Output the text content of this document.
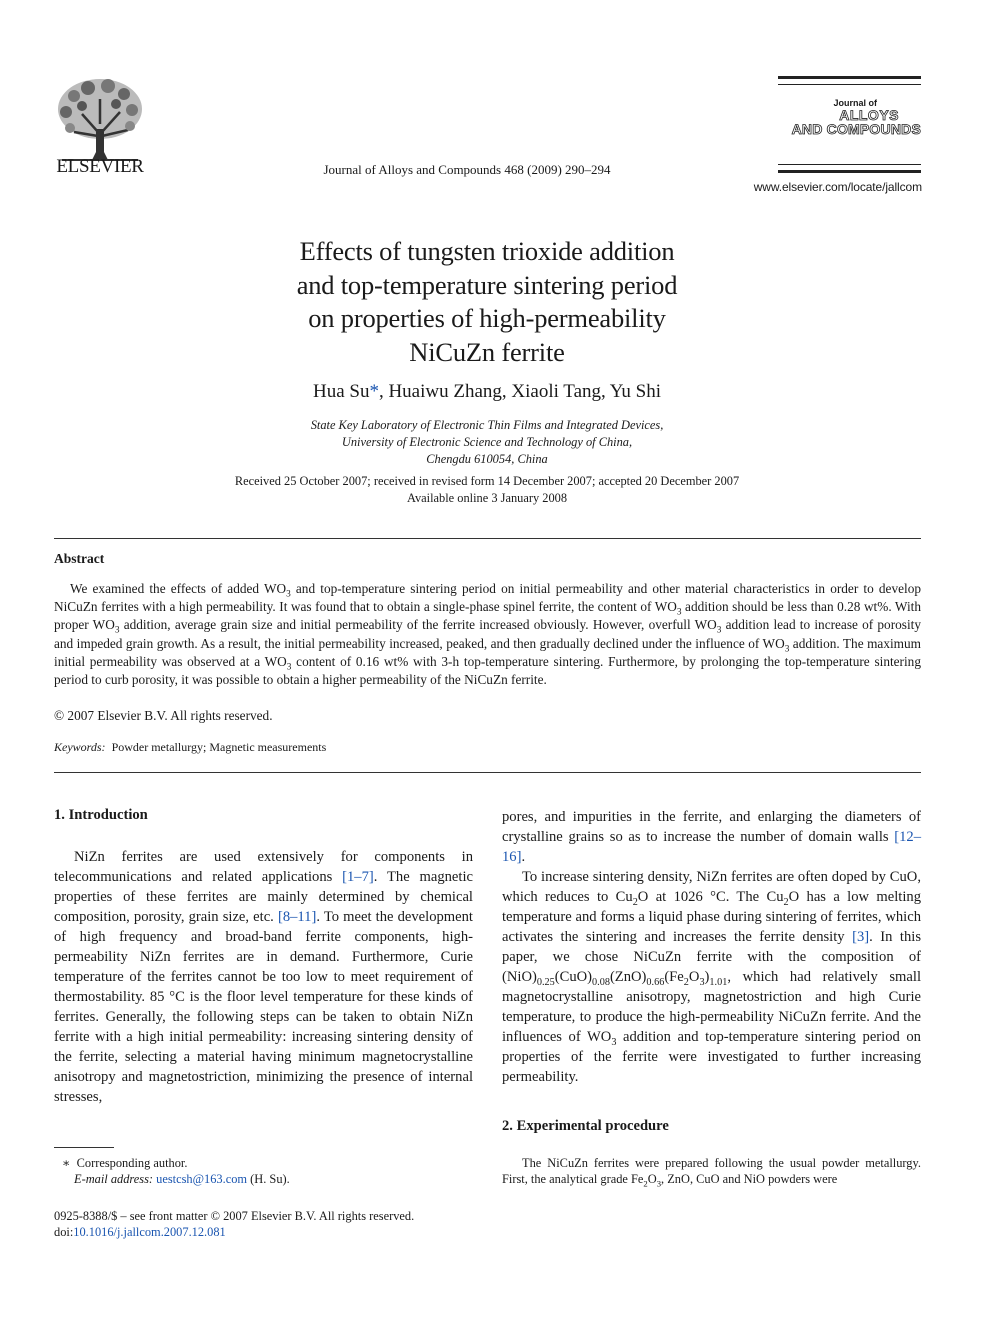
ELSEVIER	Journal of Alloys and Compounds 468 (2009) 290–294
Journal of
ALLOYS
AND COMPOUNDS
www.elsevier.com/locate/jallcom
Effects of tungsten trioxide addition
and top-temperature sintering period
on properties of high-permeability
NiCuZn ferrite
Hua Su*, Huaiwu Zhang, Xiaoli Tang, Yu Shi
State Key Laboratory of Electronic Thin Films and Integrated Devices,
University of Electronic Science and Technology of China,
Chengdu 610054, China
Received 25 October 2007; received in revised form 14 December 2007; accepted 20 December 2007
Available online 3 January 2008
Abstract

We examined the effects of added $WO_3$ and top-temperature sintering period on initial permeability and other material characteristics in order to develop NiCuZn ferrites with a high permeability. It was found that to obtain a single-phase spinel ferrite, the content of $WO_3$ addition should be less than 0.28 wt%. With proper $WO_3$ addition, average grain size and initial permeability of the ferrite increased obviously. However, overfull $WO_3$ addition lead to increase of porosity and impeded grain growth. As a result, the initial permeability increased, peaked, and then gradually declined under the influence of $WO_3$ addition. The maximum initial permeability was observed at a $WO_3$ content of 0.16 wt% with 3-h top-temperature sintering. Furthermore, by prolonging the top-temperature sintering period to curb porosity, it was possible to obtain a higher permeability of the NiCuZn ferrite.

© 2007 Elsevier B.V. All rights reserved.
Keywords: Powder metallurgy; Magnetic measurements
1. Introduction

NiZn ferrites are used extensively for components in telecommunications and related applications [1–7]. The magnetic properties of these ferrites are mainly determined by chemical composition, porosity, grain size, etc. [8–11]. To meet the development of high frequency and broad-band ferrite components, high-permeability NiZn ferrites are in demand. Furthermore, Curie temperature of the ferrites cannot be too low to meet requirement of thermostability. 85 °C is the floor level temperature for these kinds of ferrites. Generally, the following steps can be taken to obtain NiZn ferrite with a high initial permeability: increasing sintering density of the ferrite, selecting a material having minimum magnetocrystalline anisotropy and magnetostriction, minimizing the presence of internal stresses,

pores, and impurities in the ferrite, and enlarging the diameters of crystalline grains so as to increase the number of domain walls [12–16].

To increase sintering density, NiZn ferrites are often doped by CuO, which reduces to $Cu_2O$ at 1026 °C. The $Cu_2O$ has a low melting temperature and forms a liquid phase during sintering of ferrites, which activates the sintering and increases the ferrite density [3]. In this paper, we chose NiCuZn ferrite with the composition of $(NiO)_{0.25}(CuO)_{0.08}(ZnO)_{0.66}(Fe_2O_3)_{1.01}$, which had relatively small magnetocrystalline anisotropy, magnetostriction and high Curie temperature, to produce the high-permeability NiCuZn ferrite. And the influences of $WO_3$ addition and top-temperature sintering period on properties of the ferrite were investigated to further increasing permeability.

2. Experimental procedure

The NiCuZn ferrites were prepared following the usual powder metallurgy. First, the analytical grade $Fe_2O_3$, ZnO, CuO and NiO powders were

∗ Corresponding author.
E-mail address: uestcsh@163.com (H. Su).
0925-8388/$ – see front matter © 2007 Elsevier B.V. All rights reserved.
doi:10.1016/j.jallcom.2007.12.081
